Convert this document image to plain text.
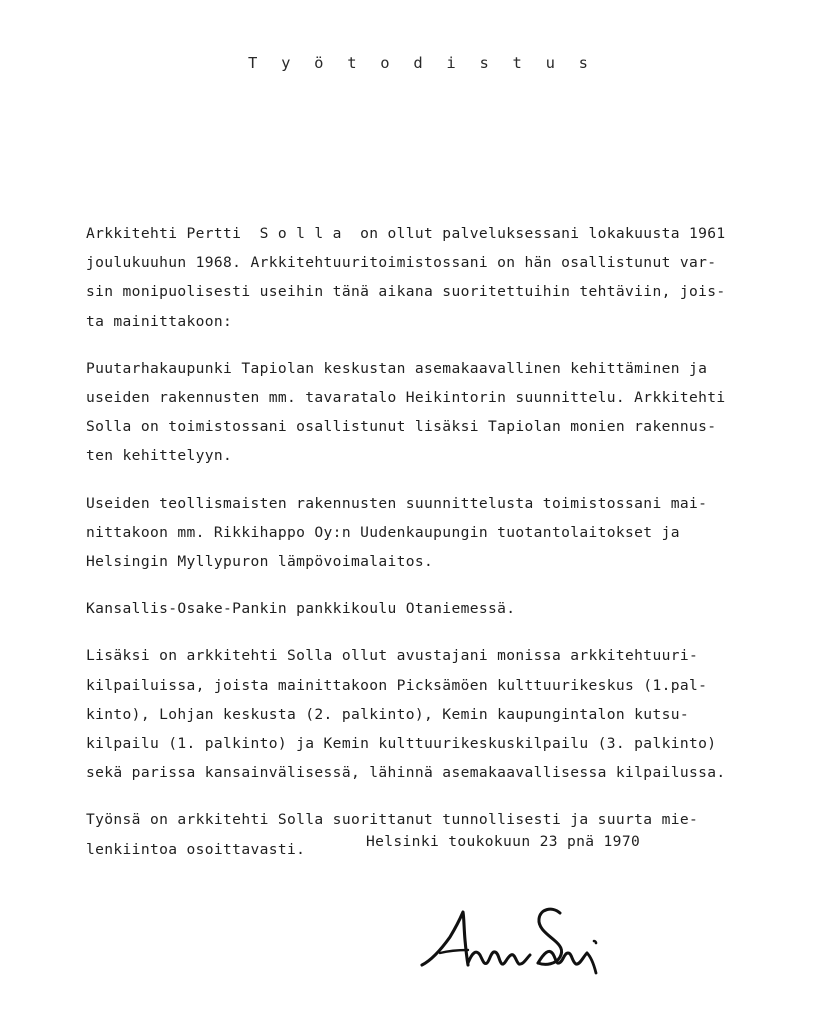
T y ö t o d i s t u s
Arkkitehti Pertti  S o l l a  on ollut palveluksessani lokakuusta 1961
joulukuuhun 1968. Arkkitehtuuritoimistossani on hän osallistunut var-
sin monipuolisesti useihin tänä aikana suoritettuihin tehtäviin, jois-
ta mainittakoon:
Puutarhakaupunki Tapiolan keskustan asemakaavallinen kehittäminen ja
useiden rakennusten mm. tavaratalo Heikintorin suunnittelu. Arkkitehti
Solla on toimistossani osallistunut lisäksi Tapiolan monien rakennus-
ten kehittelyyn.
Useiden teollismaisten rakennusten suunnittelusta toimistossani mai-
nittakoon mm. Rikkihappo Oy:n Uudenkaupungin tuotantolaitokset ja
Helsingin Myllypuron lämpövoimalaitos.
Kansallis-Osake-Pankin pankkikoulu Otaniemessä.
Lisäksi on arkkitehti Solla ollut avustajani monissa arkkitehtuuri-
kilpailuissa, joista mainittakoon Picksämöen kulttuurikeskus (1.pal-
kinto), Lohjan keskusta (2. palkinto), Kemin kaupungintalon kutsu-
kilpailu (1. palkinto) ja Kemin kulttuurikeskuskilpailu (3. palkinto)
sekä parissa kansainvälisessä, lähinnä asemakaavallisessa kilpailussa.
Työnsä on arkkitehti Solla suorittanut tunnollisesti ja suurta mie-
lenkiintoa osoittavasti.	Helsinki toukokuun 23 pnä 1970
